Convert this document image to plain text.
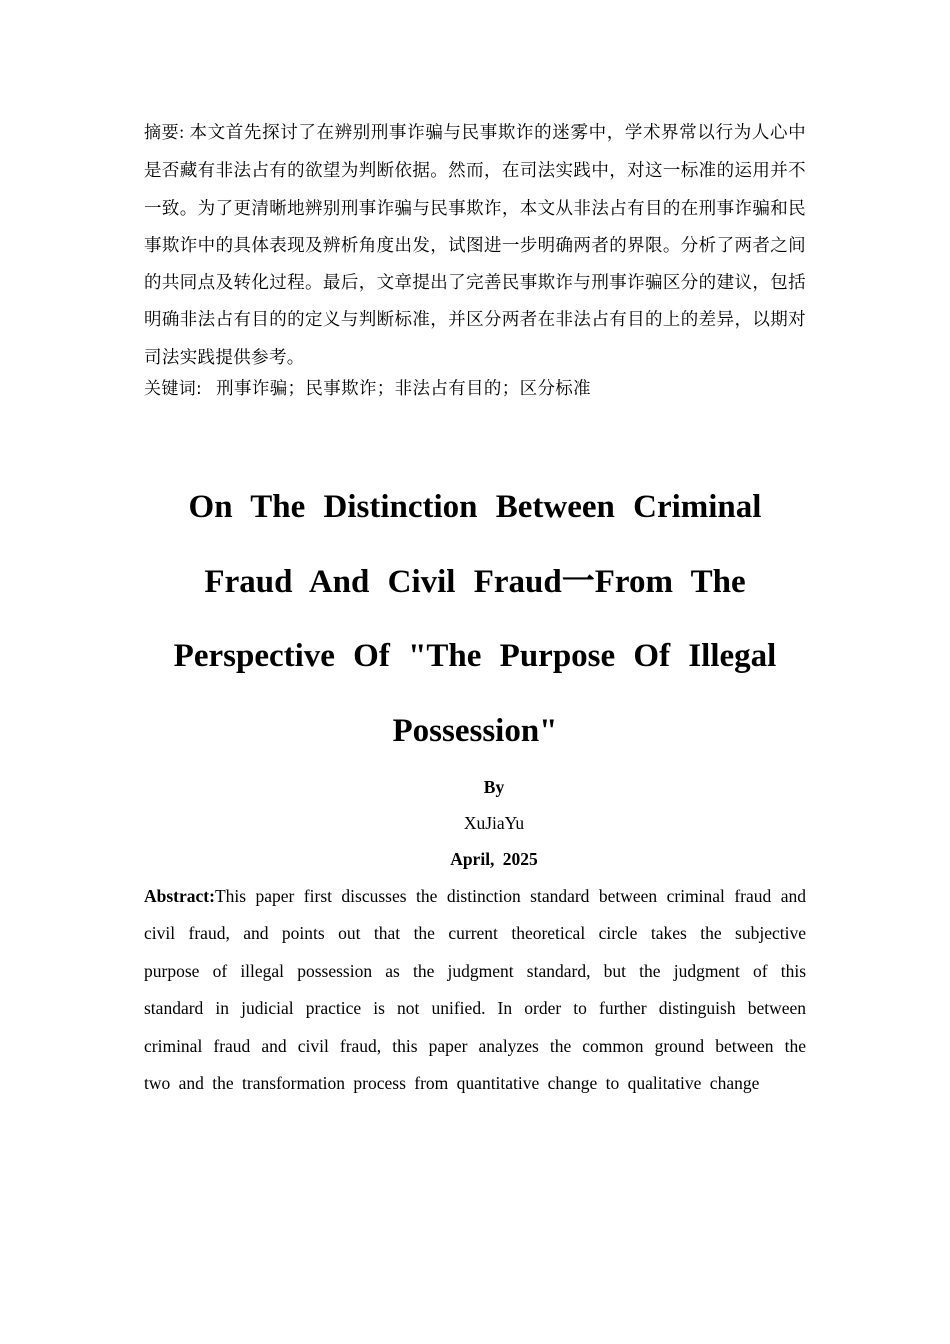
摘要: 本文首先探讨了在辨别刑事诈骗与民事欺诈的迷雾中，学术界常以行为人心中是否藏有非法占有的欲望为判断依据。然而，在司法实践中，对这一标准的运用并不一致。为了更清晰地辨别刑事诈骗与民事欺诈，本文从非法占有目的在刑事诈骗和民事欺诈中的具体表现及辨析角度出发，试图进一步明确两者的界限。分析了两者之间的共同点及转化过程。最后，文章提出了完善民事欺诈与刑事诈骗区分的建议，包括明确非法占有目的的定义与判断标准，并区分两者在非法占有目的上的差异，以期对司法实践提供参考。
关键词: 刑事诈骗；民事欺诈；非法占有目的；区分标准
On The Distinction Between Criminal Fraud And Civil Fraud一From The Perspective Of "The Purpose Of Illegal Possession"
By
XuJiaYu
April, 2025
Abstract:This paper first discusses the distinction standard between criminal fraud and civil fraud, and points out that the current theoretical circle takes the subjective purpose of illegal possession as the judgment standard, but the judgment of this standard in judicial practice is not unified. In order to further distinguish between criminal fraud and civil fraud, this paper analyzes the common ground between the two and the transformation process from quantitative change to qualitative change
